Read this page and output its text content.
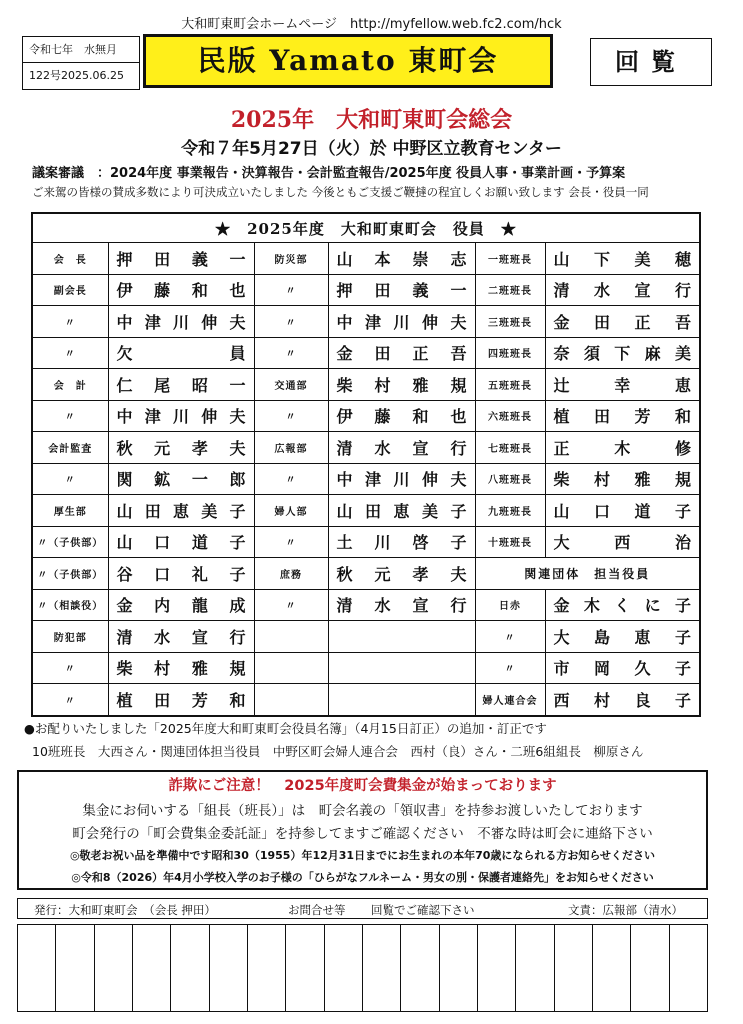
大和町東町会ホームページ　http://myfellow.web.fc2.com/hck
令和七年　水無月
122号2025.06.25	民版 Yamato 東町会	回覧
2025年　大和町東町会総会
令和７年5月27日（火）於 中野区立教育センター
議案審議　：2024年度 事業報告・決算報告・会計監査報告/2025年度 役員人事・事業計画・予算案
ご来駕の皆様の賛成多数により可決成立いたしました 今後ともご支援ご鞭撻の程宜しくお願い致します 会長・役員一同
★　2025年度　大和町東町会　役員　★					
会　長	押 田 義 一	防災部	山 本 崇 志	一班班長	山 下 美 穂

副会長	伊 藤 和 也	〃	押 田 義 一	二班班長	清 水 宣 行

〃	中 津 川 伸 夫	〃	中 津 川 伸 夫	三班班長	金 田 正 吾

〃	欠 員	〃	金 田 正 吾	四班班長	奈 須 下 麻 美

会　計	仁 尾 昭 一	交通部	柴 村 雅 規	五班班長	辻 幸 恵

〃	中 津 川 伸 夫	〃	伊 藤 和 也	六班班長	植 田 芳 和

会計監査	秋 元 孝 夫	広報部	清 水 宣 行	七班班長	正 木 修

〃	関 鉱 一 郎	〃	中 津 川 伸 夫	八班班長	柴 村 雅 規

厚生部	山 田 恵 美 子	婦人部	山 田 恵 美 子	九班班長	山 口 道 子

〃（子供部）	山 口 道 子	〃	土 川 啓 子	十班班長	大 西 治

〃（子供部）	谷 口 礼 子	庶務	秋 元 孝 夫	関連団体　担当役員	
〃（相談役）	金 内 龍 成	〃	清 水 宣 行	日赤	金 木 く に 子

防犯部	清 水 宣 行			〃	大 島 恵 子

〃	柴 村 雅 規			〃	市 岡 久 子

〃	植 田 芳 和			婦人連合会	西 村 良 子
●お配りいたしました「2025年度大和町東町会役員名簿」（4月15日訂正）の追加・訂正です
10班班長　大西さん・関連団体担当役員　中野区町会婦人連合会　西村（良）さん・二班6組組長　柳原さん
詐欺にご注意！　2025年度町会費集金が始まっております
集金にお伺いする「組長（班長）」は　町会名義の「領収書」を持参お渡しいたしております
町会発行の「町会費集金委託証」を持参してますご確認ください　不審な時は町会に連絡下さい
◎敬老お祝い品を準備中です昭和30（1955）年12月31日までにお生まれの本年70歳になられる方お知らせください
◎令和8（2026）年4月小学校入学のお子様の「ひらがなフルネーム・男女の別・保護者連絡先」をお知らせください
発行：大和町東町会　（会長 押田）	お問合せ等 回覧でご確認下さい	文責：広報部（清水）
